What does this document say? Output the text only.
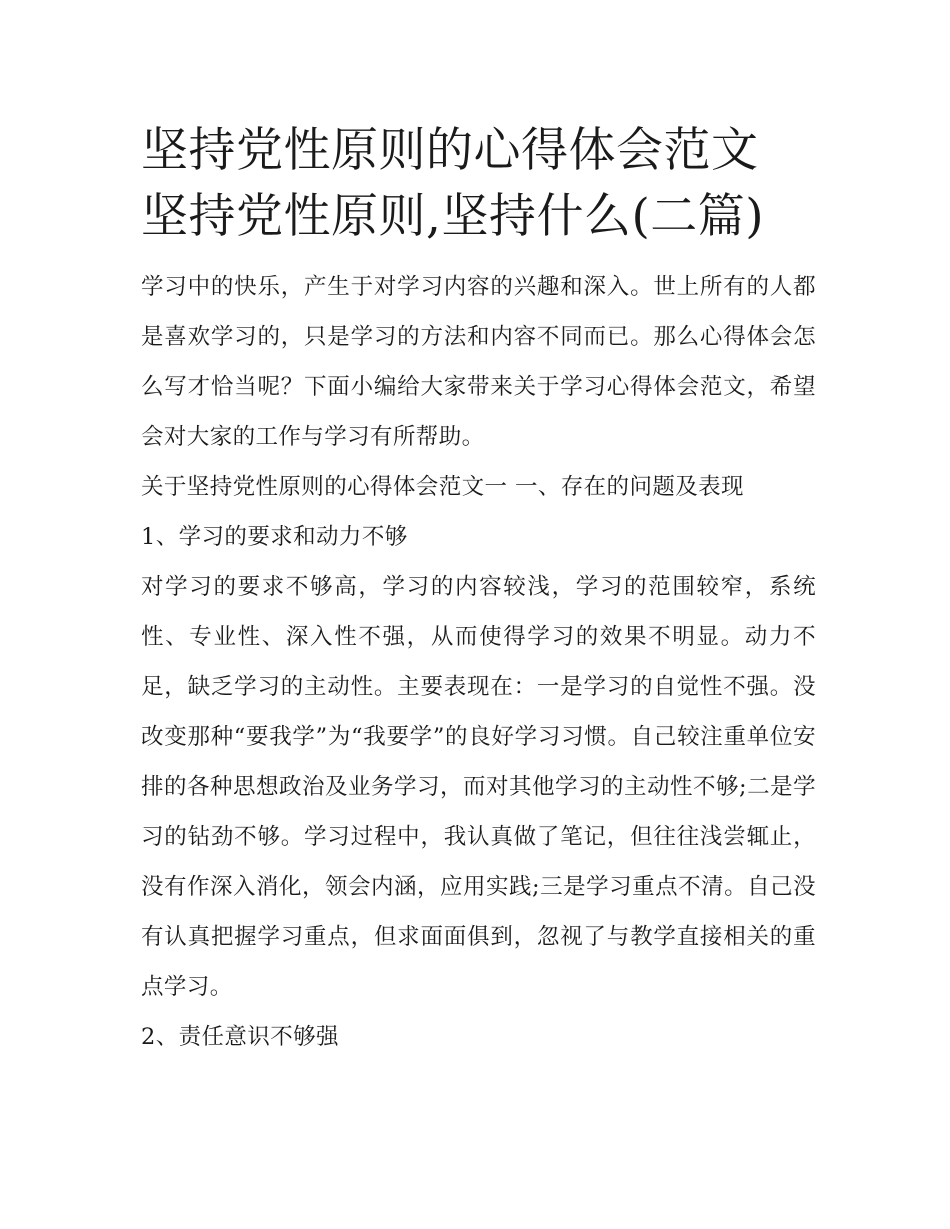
坚持党性原则的心得体会范文
坚持党性原则,坚持什么(二篇)

学习中的快乐，产生于对学习内容的兴趣和深入。世上所有的人都是喜欢学习的，只是学习的方法和内容不同而已。那么心得体会怎么写才恰当呢？下面小编给大家带来关于学习心得体会范文，希望会对大家的工作与学习有所帮助。

关于坚持党性原则的心得体会范文一 一、存在的问题及表现

1、学习的要求和动力不够

对学习的要求不够高，学习的内容较浅，学习的范围较窄，系统性、专业性、深入性不强，从而使得学习的效果不明显。动力不足，缺乏学习的主动性。主要表现在：一是学习的自觉性不强。没改变那种“要我学”为“我要学”的良好学习习惯。自己较注重单位安排的各种思想政治及业务学习，而对其他学习的主动性不够;二是学习的钻劲不够。学习过程中，我认真做了笔记，但往往浅尝辄止，没有作深入消化，领会内涵，应用实践;三是学习重点不清。自己没有认真把握学习重点，但求面面俱到，忽视了与教学直接相关的重点学习。

2、责任意识不够强
